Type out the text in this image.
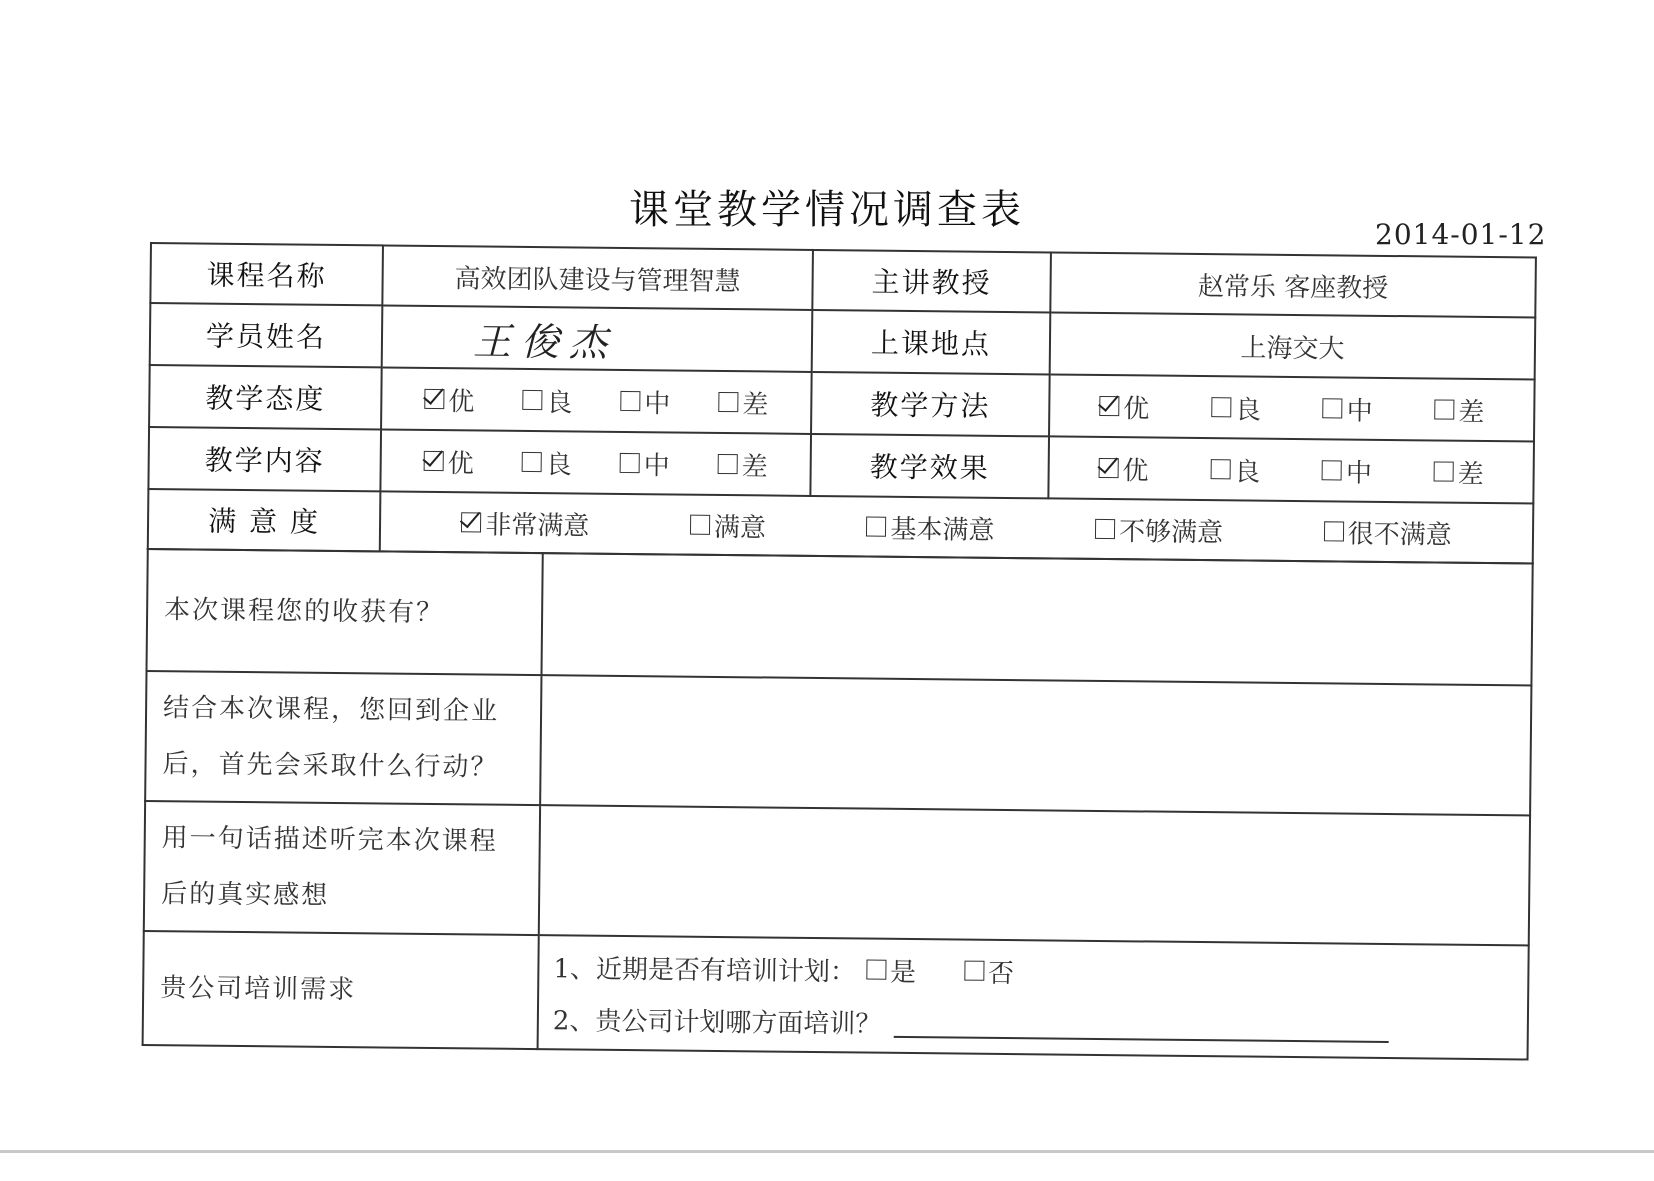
课堂教学情况调查表
2014-01-12
课程名称	高效团队建设与管理智慧	主讲教授	赵常乐 客座教授
学员姓名	王俊杰	上课地点	上海交大
教学态度	优 良 中 差	教学方法	优 良 中 差

教学内容	优 良 中 差	教学效果	优 良 中 差

满 意 度	非常满意 满意 基本满意 不够满意 很不满意		
本次课程您的收获有？	

结合本次课程，您回到企业
后，首先会采取什么行动？	

用一句话描述听完本次课程
后的真实感想	

贵公司培训需求	1、近期是否有培训计划： 是 否
2、贵公司计划哪方面培训？
